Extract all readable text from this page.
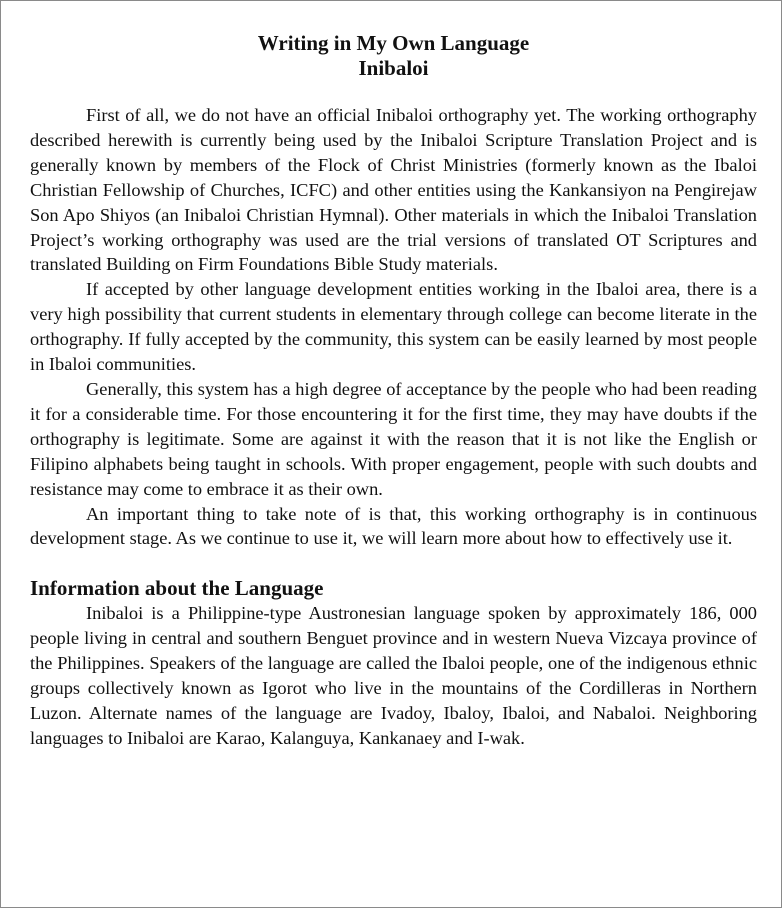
Writing in My Own Language

Inibaloi

First of all, we do not have an official Inibaloi orthography yet. The working orthography described herewith is currently being used by the Inibaloi Scripture Translation Project and is generally known by members of the Flock of Christ Ministries (formerly known as the Ibaloi Christian Fellowship of Churches, ICFC) and other entities using the Kankansiyon na Pengirejaw Son Apo Shiyos (an Inibaloi Christian Hymnal). Other materials in which the Inibaloi Translation Project’s working orthography was used are the trial versions of translated OT Scriptures and translated Building on Firm Foundations Bible Study materials.

If accepted by other language development entities working in the Ibaloi area, there is a very high possibility that current students in elementary through college can become literate in the orthography. If fully accepted by the community, this system can be easily learned by most people in Ibaloi communities.

Generally, this system has a high degree of acceptance by the people who had been reading it for a considerable time. For those encountering it for the first time, they may have doubts if the orthography is legitimate. Some are against it with the reason that it is not like the English or Filipino alphabets being taught in schools. With proper engagement, people with such doubts and resistance may come to embrace it as their own.

An important thing to take note of is that, this working orthography is in continuous development stage. As we continue to use it, we will learn more about how to effectively use it.

Information about the Language

Inibaloi is a Philippine-type Austronesian language spoken by approximately 186, 000 people living in central and southern Benguet province and in western Nueva Vizcaya province of the Philippines. Speakers of the language are called the Ibaloi people, one of the indigenous ethnic groups collectively known as Igorot who live in the mountains of the Cordilleras in Northern Luzon. Alternate names of the language are Ivadoy, Ibaloy, Ibaloi, and Nabaloi. Neighboring languages to Inibaloi are Karao, Kalanguya, Kankanaey and I-wak.
